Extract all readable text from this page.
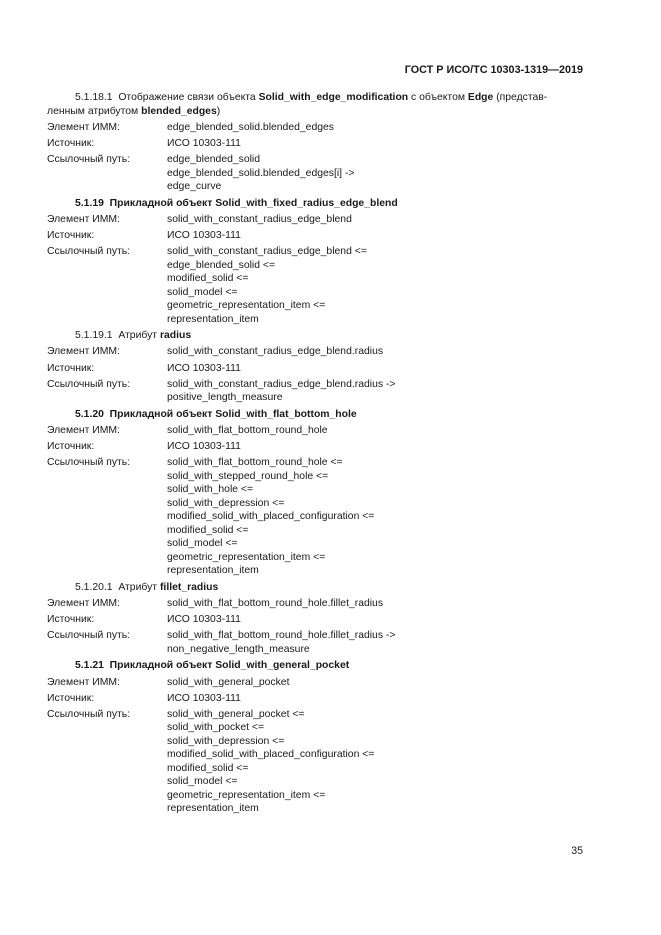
ГОСТ Р ИСО/ТС 10303-1319—2019
5.1.18.1 Отображение связи объекта Solid_with_edge_modification с объектом Edge (представ-
ленным атрибутом blended_edges)
Элемент ИММ:	edge_blended_solid.blended_edges
Источник:	ИСО 10303-111
Ссылочный путь:	edge_blended_solid
edge_blended_solid.blended_edges[i] ->
edge_curve
5.1.19 Прикладной объект Solid_with_fixed_radius_edge_blend
Элемент ИММ:	solid_with_constant_radius_edge_blend
Источник:	ИСО 10303-111
Ссылочный путь:	solid_with_constant_radius_edge_blend <=
edge_blended_solid <=
modified_solid <=
solid_model <=
geometric_representation_item <=
representation_item
5.1.19.1 Атрибут radius
Элемент ИММ:	solid_with_constant_radius_edge_blend.radius
Источник:	ИСО 10303-111
Ссылочный путь:	solid_with_constant_radius_edge_blend.radius ->
positive_length_measure
5.1.20 Прикладной объект Solid_with_flat_bottom_hole
Элемент ИММ:	solid_with_flat_bottom_round_hole
Источник:	ИСО 10303-111
Ссылочный путь:	solid_with_flat_bottom_round_hole <=
solid_with_stepped_round_hole <=
solid_with_hole <=
solid_with_depression <=
modified_solid_with_placed_configuration <=
modified_solid <=
solid_model <=
geometric_representation_item <=
representation_item
5.1.20.1 Атрибут fillet_radius
Элемент ИММ:	solid_with_flat_bottom_round_hole.fillet_radius
Источник:	ИСО 10303-111
Ссылочный путь:	solid_with_flat_bottom_round_hole.fillet_radius ->
non_negative_length_measure
5.1.21 Прикладной объект Solid_with_general_pocket
Элемент ИММ:	solid_with_general_pocket
Источник:	ИСО 10303-111
Ссылочный путь:	solid_with_general_pocket <=
solid_with_pocket <=
solid_with_depression <=
modified_solid_with_placed_configuration <=
modified_solid <=
solid_model <=
geometric_representation_item <=
representation_item
35
